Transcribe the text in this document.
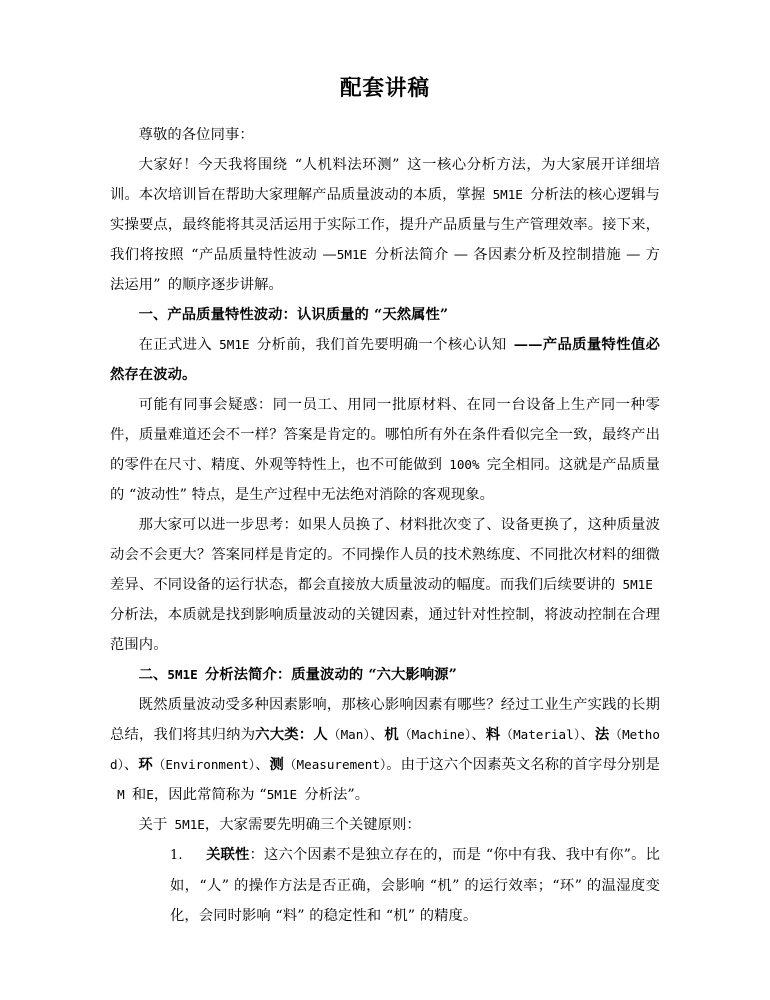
配套讲稿

尊敬的各位同事：

大家好！今天我将围绕 “人机料法环测” 这一核心分析方法，为大家展开详细培训。本次培训旨在帮助大家理解产品质量波动的本质，掌握 5M1E 分析法的核心逻辑与实操要点，最终能将其灵活运用于实际工作，提升产品质量与生产管理效率。接下来，我们将按照 “产品质量特性波动 —5M1E 分析法简介 — 各因素分析及控制措施 — 方法运用” 的顺序逐步讲解。

一、产品质量特性波动：认识质量的 “天然属性”

在正式进入 5M1E 分析前，我们首先要明确一个核心认知 ——产品质量特性值必然存在波动。

可能有同事会疑惑：同一员工、用同一批原材料、在同一台设备上生产同一种零件，质量难道还会不一样？答案是肯定的。哪怕所有外在条件看似完全一致，最终产出的零件在尺寸、精度、外观等特性上，也不可能做到 100% 完全相同。这就是产品质量的 “波动性” 特点，是生产过程中无法绝对消除的客观现象。

那大家可以进一步思考：如果人员换了、材料批次变了、设备更换了，这种质量波动会不会更大？答案同样是肯定的。不同操作人员的技术熟练度、不同批次材料的细微差异、不同设备的运行状态，都会直接放大质量波动的幅度。而我们后续要讲的 5M1E分析法，本质就是找到影响质量波动的关键因素，通过针对性控制，将波动控制在合理范围内。

二、5M1E 分析法简介：质量波动的 “六大影响源”

既然质量波动受多种因素影响，那核心影响因素有哪些？经过工业生产实践的长期总结，我们将其归纳为六大类：人（Man）、机（Machine）、料（Material）、法（Method）、环（Environment）、测（Measurement）。由于这六个因素英文名称的首字母分别是M 和E，因此常简称为 “5M1E 分析法”。

关于 5M1E，大家需要先明确三个关键原则：

1. 关联性：这六个因素不是独立存在的，而是 “你中有我、我中有你”。比如，“人” 的操作方法是否正确，会影响 “机” 的运行效率；“环” 的温湿度变化，会同时影响 “料” 的稳定性和 “机” 的精度。
